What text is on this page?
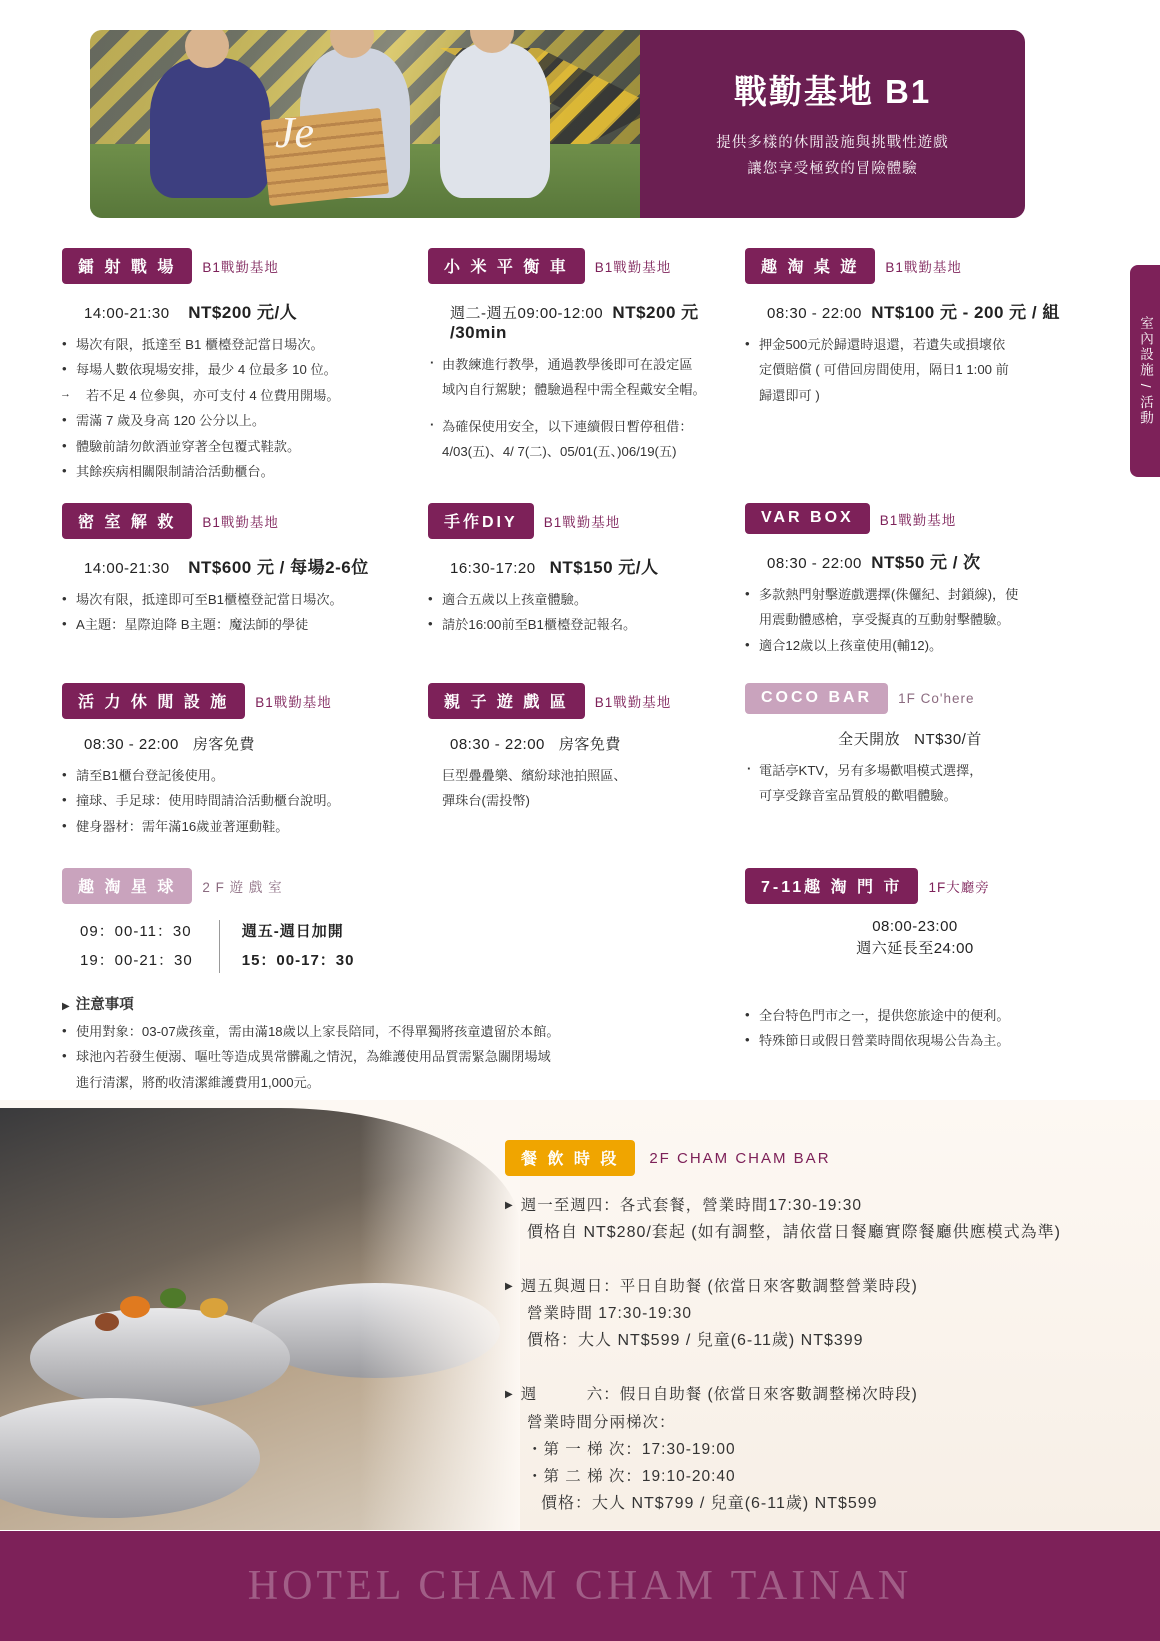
Je
戰勤基地 B1
提供多樣的休閒設施與挑戰性遊戲
讓您享受極致的冒險體驗
室內設施 / 活動
鐳 射 戰 場	B1戰勤基地
14:00-21:30 NT$200 元/人
• 場次有限，抵達至 B1 櫃檯登記當日場次。
• 每場人數依現場安排，最少 4 位最多 10 位。
→ 若不足 4 位參與，亦可支付 4 位費用開場。
• 需滿 7 歲及身高 120 公分以上。
• 體驗前請勿飲酒並穿著全包覆式鞋款。
• 其餘疾病相關限制請洽活動櫃台。
小 米 平 衡 車	B1戰勤基地
週二-週五09:00-12:00 NT$200 元 /30min
· 由教練進行教學，通過教學後即可在設定區
域內自行駕駛；體驗過程中需全程戴安全帽。
· 為確保使用安全，以下連續假日暫停租借：
4/03(五)、4/ 7(二)、05/01(五、)06/19(五)
趣 淘 桌 遊	B1戰勤基地
08:30 - 22:00 NT$100 元 - 200 元 / 組
• 押金500元於歸還時退還，若遺失或損壞依
定價賠償 ( 可借回房間使用，隔日1 1:00 前
歸還即可 )
密 室 解 救	B1戰勤基地
14:00-21:30 NT$600 元 / 每場2-6位
• 場次有限，抵達即可至B1櫃檯登記當日場次。
• A主題：星際迫降 B主題：魔法師的學徒
手作DIY	B1戰勤基地
16:30-17:20 NT$150 元/人
• 適合五歲以上孩童體驗。
• 請於16:00前至B1櫃檯登記報名。
VAR BOX	B1戰勤基地
08:30 - 22:00 NT$50 元 / 次
• 多款熱門射擊遊戲選擇(侏儸紀、封鎖線)，使
用震動體感槍，享受擬真的互動射擊體驗。
• 適合12歲以上孩童使用(輔12)。
活 力 休 閒 設 施	B1戰勤基地
08:30 - 22:00 房客免費
• 請至B1櫃台登記後使用。
• 撞球、手足球：使用時間請洽活動櫃台說明。
• 健身器材：需年滿16歲並著運動鞋。
親 子 遊 戲 區	B1戰勤基地
08:30 - 22:00 房客免費
巨型疊疊樂、繽紛球池拍照區、
彈珠台(需投幣)
COCO BAR	1F Co'here
全天開放 NT$30/首
· 電話亭KTV，另有多場歡唱模式選擇，
可享受錄音室品質般的歡唱體驗。
趣 淘 星 球	2 F 遊 戲 室
09：00-11：30
19：00-21：30
週五-週日加開
15：00-17：30
▶ 注意事項
• 使用對象：03-07歲孩童，需由滿18歲以上家長陪同，不得單獨將孩童遺留於本館。
• 球池內若發生便溺、嘔吐等造成異常髒亂之情況，為維護使用品質需緊急關閉場域
進行清潔，將酌收清潔維護費用1,000元。
•
7-11趣 淘 門 市	1F大廳旁
08:00-23:00
週六延長至24:00
• 全台特色門市之一，提供您旅途中的便利。
• 特殊節日或假日營業時間依現場公告為主。
餐 飲 時 段	2F CHAM CHAM BAR
▶ 週一至週四：各式套餐，營業時間17:30-19:30
價格自 NT$280/套起 (如有調整，請依當日餐廳實際餐廳供應模式為準)
▶ 週五與週日：平日自助餐 (依當日來客數調整營業時段)
營業時間 17:30-19:30
價格：大人 NT$599 / 兒童(6-11歲) NT$399
▶ 週　　　六：假日自助餐 (依當日來客數調整梯次時段)
營業時間分兩梯次：
・第 一 梯 次：17:30-19:00
・第 二 梯 次：19:10-20:40
價格：大人 NT$799 / 兒童(6-11歲) NT$599
HOTEL CHAM CHAM TAINAN
